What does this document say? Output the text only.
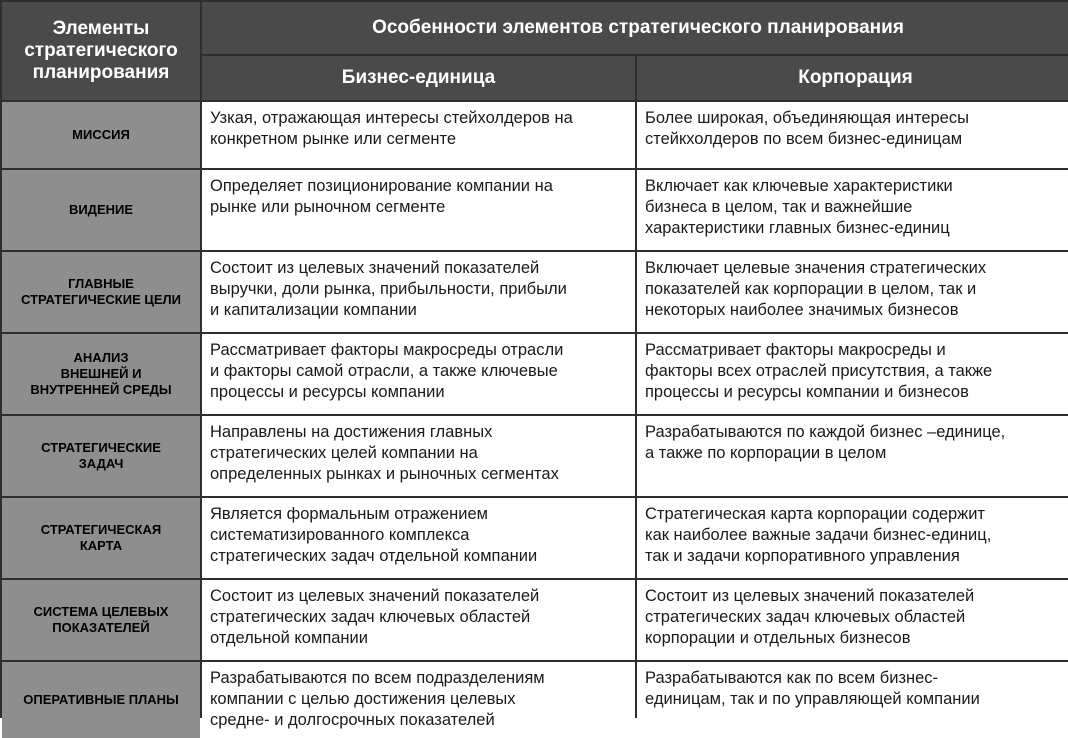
Элементы
стратегического
планирования
Особенности элементов стратегического планирования
Бизнес-единица	Корпорация
МИССИЯ
Узкая, отражающая интересы стейхолдеров на
конкретном рынке или сегменте
Более широкая, объединяющая интересы
стейкхолдеров по всем бизнес-единицам
ВИДЕНИЕ
Определяет позиционирование компании на
рынке или рыночном сегменте
Включает как ключевые характеристики
бизнеса в целом, так и важнейшие
характеристики главных бизнес-единиц
ГЛАВНЫЕ
СТРАТЕГИЧЕСКИЕ ЦЕЛИ
Состоит из целевых значений показателей
выручки, доли рынка, прибыльности, прибыли
и капитализации компании
Включает целевые значения стратегических
показателей как корпорации в целом, так и
некоторых наиболее значимых бизнесов
АНАЛИЗ
ВНЕШНЕЙ И
ВНУТРЕННЕЙ СРЕДЫ
Рассматривает факторы макросреды отрасли
и факторы самой отрасли, а также ключевые
процессы и ресурсы компании
Рассматривает факторы макросреды и
факторы всех отраслей присутствия, а также
процессы и ресурсы компании и бизнесов
СТРАТЕГИЧЕСКИЕ
ЗАДАЧ
Направлены на достижения главных
стратегических целей компании на
определенных рынках и рыночных сегментах
Разрабатываются по каждой бизнес –единице,
а также по корпорации в целом
СТРАТЕГИЧЕСКАЯ
КАРТА
Является формальным отражением
систематизированного комплекса
стратегических задач отдельной компании
Стратегическая карта корпорации содержит
как наиболее важные задачи бизнес-единиц,
так и задачи корпоративного управления
СИСТЕМА ЦЕЛЕВЫХ
ПОКАЗАТЕЛЕЙ
Состоит из целевых значений показателей
стратегических задач ключевых областей
отдельной компании
Состоит из целевых значений показателей
стратегических задач ключевых областей
корпорации и отдельных бизнесов
ОПЕРАТИВНЫЕ ПЛАНЫ
Разрабатываются по всем подразделениям
компании с целью достижения целевых
средне- и долгосрочных показателей
Разрабатываются как по всем бизнес-
единицам, так и по управляющей компании
